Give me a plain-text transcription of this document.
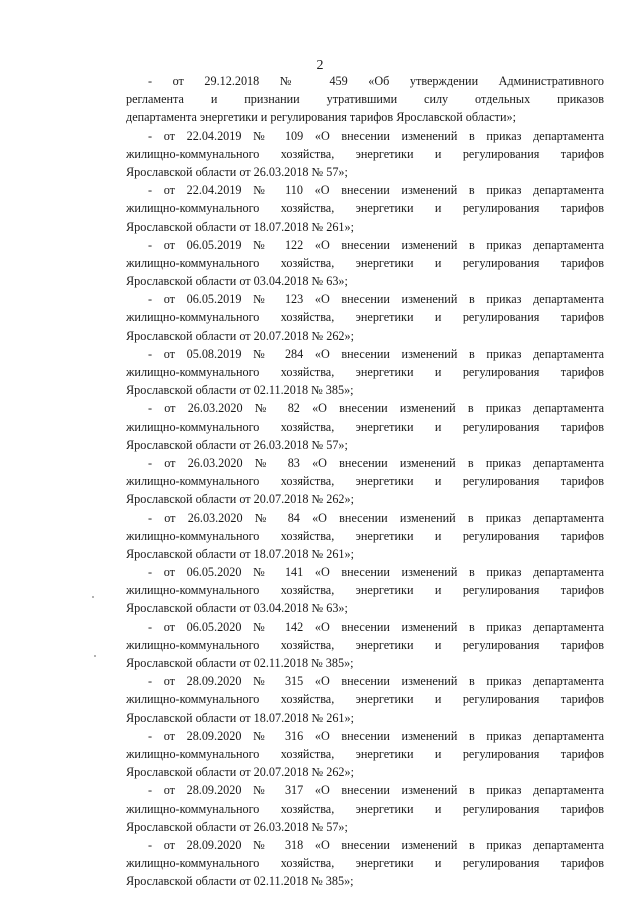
2
- от 29.12.2018 № 459 «Об утверждении Административного
регламента и признании утратившими силу отдельных приказов
департамента энергетики и регулирования тарифов Ярославской области»;
- от 22.04.2019 № 109 «О внесении изменений в приказ департамента
жилищно-коммунального хозяйства, энергетики и регулирования тарифов
Ярославской области от 26.03.2018 № 57»;
- от 22.04.2019 № 110 «О внесении изменений в приказ департамента
жилищно-коммунального хозяйства, энергетики и регулирования тарифов
Ярославской области от 18.07.2018 № 261»;
- от 06.05.2019 № 122 «О внесении изменений в приказ департамента
жилищно-коммунального хозяйства, энергетики и регулирования тарифов
Ярославской области от 03.04.2018 № 63»;
- от 06.05.2019 № 123 «О внесении изменений в приказ департамента
жилищно-коммунального хозяйства, энергетики и регулирования тарифов
Ярославской области от 20.07.2018 № 262»;
- от 05.08.2019 № 284 «О внесении изменений в приказ департамента
жилищно-коммунального хозяйства, энергетики и регулирования тарифов
Ярославской области от 02.11.2018 № 385»;
- от 26.03.2020 № 82 «О внесении изменений в приказ департамента
жилищно-коммунального хозяйства, энергетики и регулирования тарифов
Ярославской области от 26.03.2018 № 57»;
- от 26.03.2020 № 83 «О внесении изменений в приказ департамента
жилищно-коммунального хозяйства, энергетики и регулирования тарифов
Ярославской области от 20.07.2018 № 262»;
- от 26.03.2020 № 84 «О внесении изменений в приказ департамента
жилищно-коммунального хозяйства, энергетики и регулирования тарифов
Ярославской области от 18.07.2018 № 261»;
- от 06.05.2020 № 141 «О внесении изменений в приказ департамента
жилищно-коммунального хозяйства, энергетики и регулирования тарифов
Ярославской области от 03.04.2018 № 63»;
- от 06.05.2020 № 142 «О внесении изменений в приказ департамента
жилищно-коммунального хозяйства, энергетики и регулирования тарифов
Ярославской области от 02.11.2018 № 385»;
- от 28.09.2020 № 315 «О внесении изменений в приказ департамента
жилищно-коммунального хозяйства, энергетики и регулирования тарифов
Ярославской области от 18.07.2018 № 261»;
- от 28.09.2020 № 316 «О внесении изменений в приказ департамента
жилищно-коммунального хозяйства, энергетики и регулирования тарифов
Ярославской области от 20.07.2018 № 262»;
- от 28.09.2020 № 317 «О внесении изменений в приказ департамента
жилищно-коммунального хозяйства, энергетики и регулирования тарифов
Ярославской области от 26.03.2018 № 57»;
- от 28.09.2020 № 318 «О внесении изменений в приказ департамента
жилищно-коммунального хозяйства, энергетики и регулирования тарифов
Ярославской области от 02.11.2018 № 385»;
